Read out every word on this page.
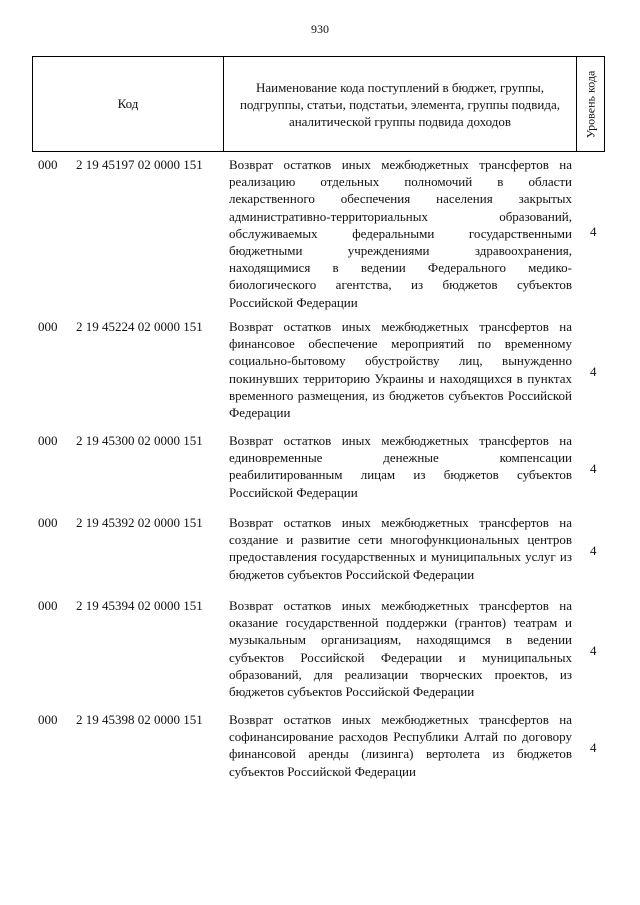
930
Код
Наименование кода поступлений в бюджет, группы, подгруппы, статьи, подстатьи, элемента, группы подвида, аналитической группы подвида доходов	Уровень кода
000 2 19 45197 02 0000 151 Возврат остатков иных межбюджетных трансфертов на реализацию отдельных полномочий в области лекарственного обеспечения населения закрытых административно-территориальных образований, обслуживаемых федеральными государственными бюджетными учреждениями здравоохранения, находящимися в ведении Федерального медико-биологического агентства, из бюджетов субъектов Российской Федерации
4
000 2 19 45224 02 0000 151 Возврат остатков иных межбюджетных трансфертов на финансовое обеспечение мероприятий по временному социально-бытовому обустройству лиц, вынужденно покинувших территорию Украины и находящихся в пунктах временного размещения, из бюджетов субъектов Российской Федерации
4
000 2 19 45300 02 0000 151 Возврат остатков иных межбюджетных трансфертов на единовременные денежные компенсации реабилитированным лицам из бюджетов субъектов Российской Федерации
4
000 2 19 45392 02 0000 151 Возврат остатков иных межбюджетных трансфертов на создание и развитие сети многофункциональных центров предоставления государственных и муниципальных услуг из бюджетов субъектов Российской Федерации
4
000 2 19 45394 02 0000 151 Возврат остатков иных межбюджетных трансфертов на оказание государственной поддержки (грантов) театрам и музыкальным организациям, находящимся в ведении субъектов Российской Федерации и муниципальных образований, для реализации творческих проектов, из бюджетов субъектов Российской Федерации
4
000 2 19 45398 02 0000 151 Возврат остатков иных межбюджетных трансфертов на софинансирование расходов Республики Алтай по договору финансовой аренды (лизинга) вертолета из бюджетов субъектов Российской Федерации
4
